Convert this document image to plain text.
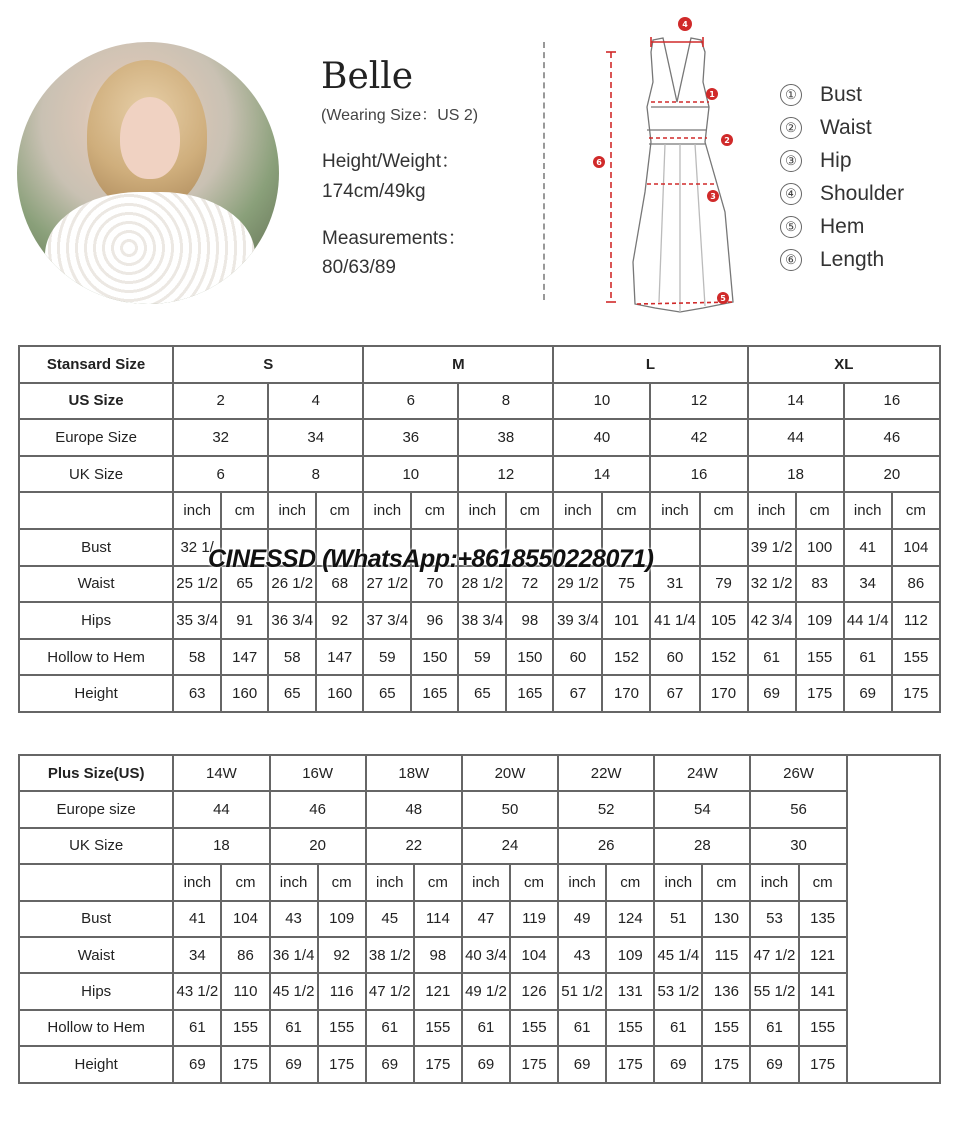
Belle
(Wearing Size：US 2)
Height/Weight：
174cm/49kg
Measurements：
80/63/89
4
1
2
3
5
6
① Bust
② Waist
③ Hip
④ Shoulder
⑤ Hem
⑥ Length
Stansard Size	S				M				L				XL			
US Size	2		4		6		8		10		12		14		16	
Europe Size	32		34		36		38		40		42		44		46	
UK Size	6		8		10		12		14		16		18		20	
	inch	cm	inch	cm	inch	cm	inch	cm	inch	cm	inch	cm	inch	cm	inch	cm
Bust	32 1/												39 1/2	100	41	104
Waist	25 1/2	65	26 1/2	68	27 1/2	70	28 1/2	72	29 1/2	75	31	79	32 1/2	83	34	86
Hips	35 3/4	91	36 3/4	92	37 3/4	96	38 3/4	98	39 3/4	101	41 1/4	105	42 3/4	109	44 1/4	112
Hollow to Hem	58	147	58	147	59	150	59	150	60	152	60	152	61	155	61	155
Height	63	160	65	160	65	165	65	165	67	170	67	170	69	175	69	175
CINESSD (WhatsApp:+8618550228071)
Plus Size(US)	14W		16W		18W		20W		22W		24W		26W		
Europe size	44		46		48		50		52		54		56		
UK Size	18		20		22		24		26		28		30		
	inch	cm	inch	cm	inch	cm	inch	cm	inch	cm	inch	cm	inch	cm	
Bust	41	104	43	109	45	114	47	119	49	124	51	130	53	135	
Waist	34	86	36 1/4	92	38 1/2	98	40 3/4	104	43	109	45 1/4	115	47 1/2	121	
Hips	43 1/2	110	45 1/2	116	47 1/2	121	49 1/2	126	51 1/2	131	53 1/2	136	55 1/2	141	
Hollow to Hem	61	155	61	155	61	155	61	155	61	155	61	155	61	155	
Height	69	175	69	175	69	175	69	175	69	175	69	175	69	175	
